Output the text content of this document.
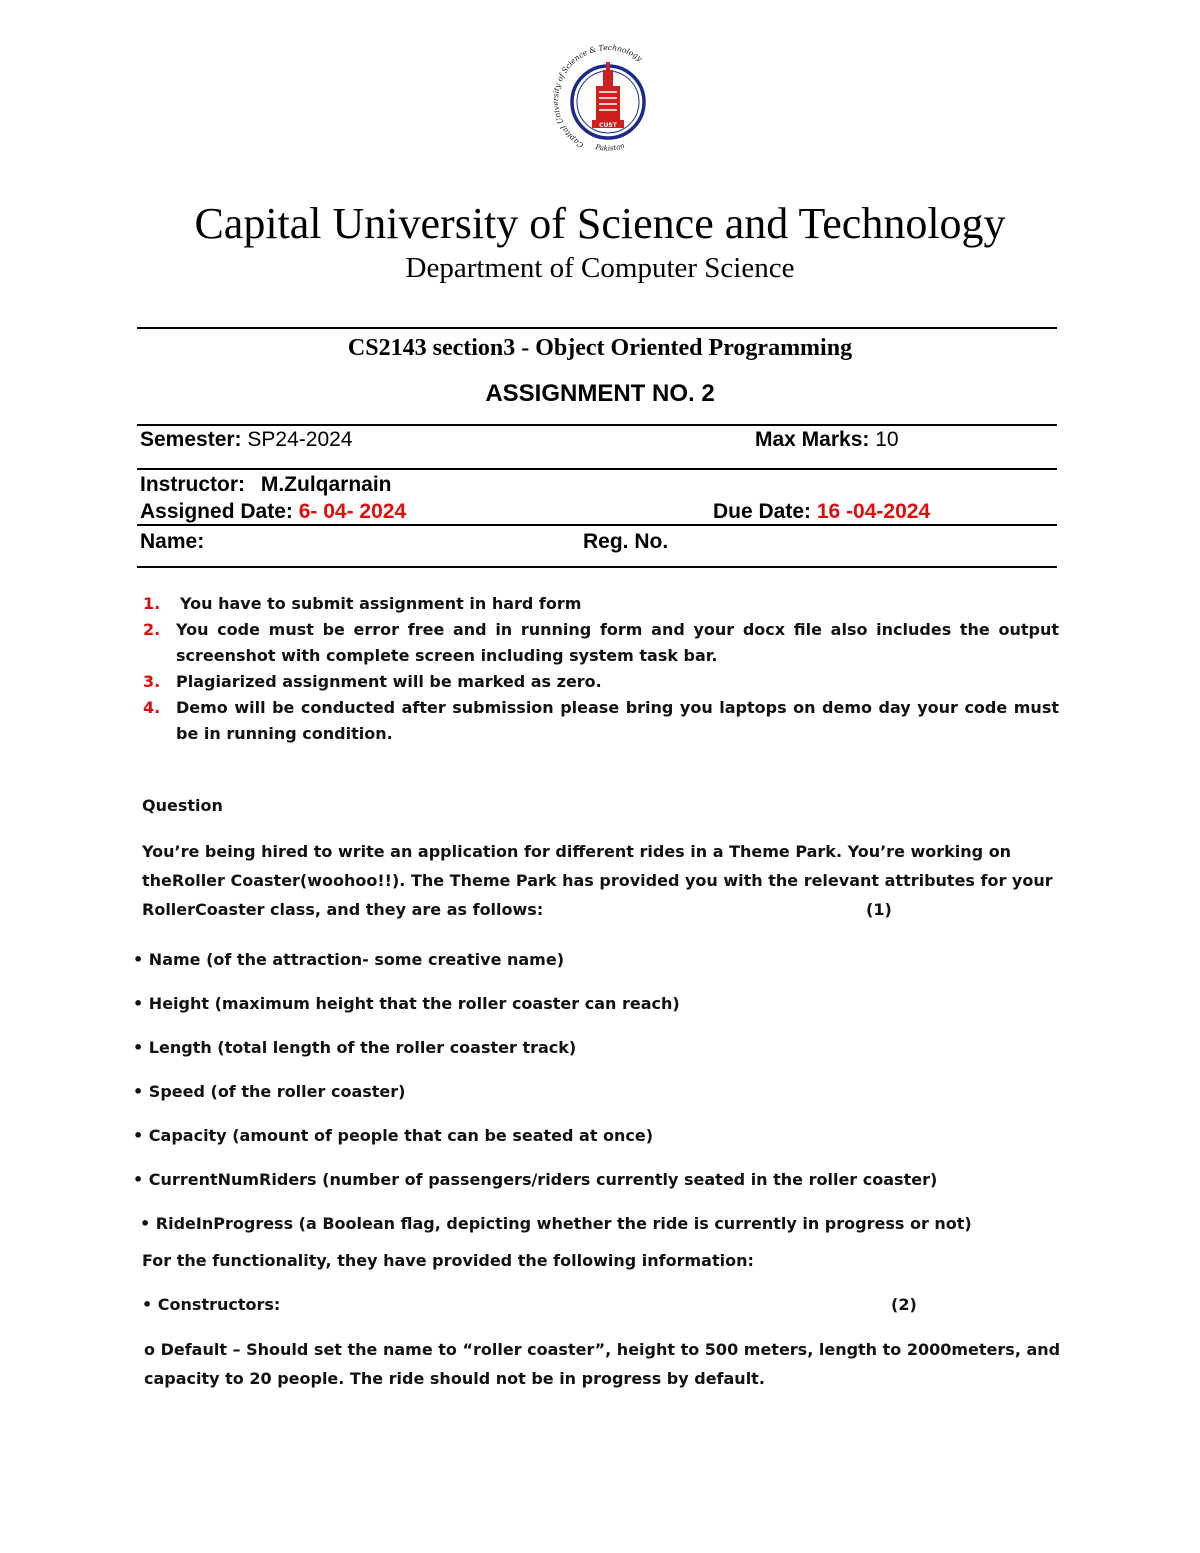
CUST
Capital University of Science & Technology
Pakistan
Capital University of Science and Technology
Department of Computer Science
CS2143 section3 - Object Oriented Programming
ASSIGNMENT NO. 2
Semester: SP24-2024	Max Marks: 10
Instructor: M.Zulqarnain
Assigned Date: 6- 04- 2024	Due Date: 16 -04-2024
Name:	Reg. No.
1. You have to submit assignment in hard form
2. You code must be error free and in running form and your docx file also includes the output screenshot with complete screen including system task bar.
3. Plagiarized assignment will be marked as zero.
4. Demo will be conducted after submission please bring you laptops on demo day your code must be in running condition.
Question
You’re being hired to write an application for different rides in a Theme Park. You’re working on
theRoller Coaster(woohoo!!). The Theme Park has provided you with the relevant attributes for your
RollerCoaster class, and they are as follows:	(1)
• Name (of the attraction- some creative name)
• Height (maximum height that the roller coaster can reach)
• Length (total length of the roller coaster track)
• Speed (of the roller coaster)
• Capacity (amount of people that can be seated at once)
• CurrentNumRiders (number of passengers/riders currently seated in the roller coaster)
• RideInProgress (a Boolean flag, depicting whether the ride is currently in progress or not)
For the functionality, they have provided the following information:
• Constructors:	(2)
o Default – Should set the name to “roller coaster”, height to 500 meters, length to 2000meters, and
capacity to 20 people. The ride should not be in progress by default.
